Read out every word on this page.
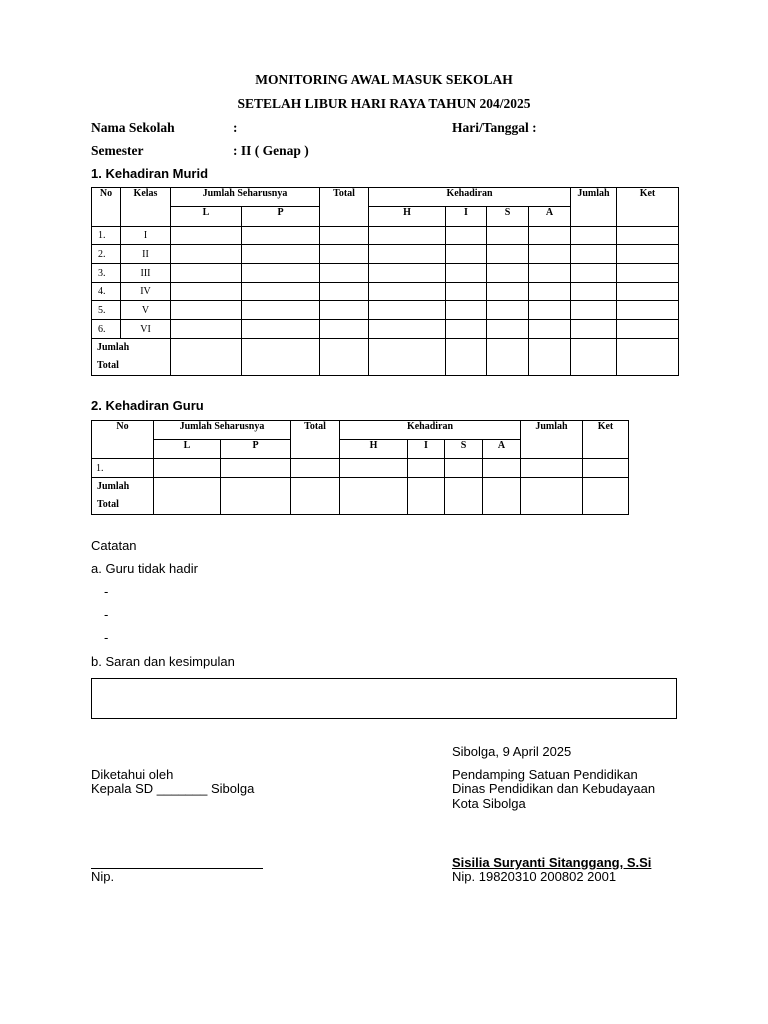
MONITORING AWAL MASUK SEKOLAH
SETELAH LIBUR HARI RAYA TAHUN 204/2025
Nama Sekolah	:	Hari/Tanggal :
Semester	: II ( Genap )
1. Kehadiran Murid
No	Kelas	Jumlah Seharusnya		Total	Kehadiran				Jumlah	Ket
		L	P		H	I	S	A		
1.	I									
2.	II									
3.	III									
4.	IV									
5.	V									
6.	VI									
Jumlah
Total										
2. Kehadiran Guru
No	Jumlah Seharusnya		Total	Kehadiran				Jumlah	Ket
	L	P		H	I	S	A		
1.									
Jumlah
Total									
Catatan
a. Guru tidak hadir
-
-
-
b. Saran dan kesimpulan
Sibolga, 9 April 2025
Diketahui oleh
Kepala SD _______ Sibolga
Pendamping Satuan Pendidikan
Dinas Pendidikan dan Kebudayaan
Kota Sibolga
Sisilia Suryanti Sitanggang, S.Si
Nip.	Nip. 19820310 200802 2001
